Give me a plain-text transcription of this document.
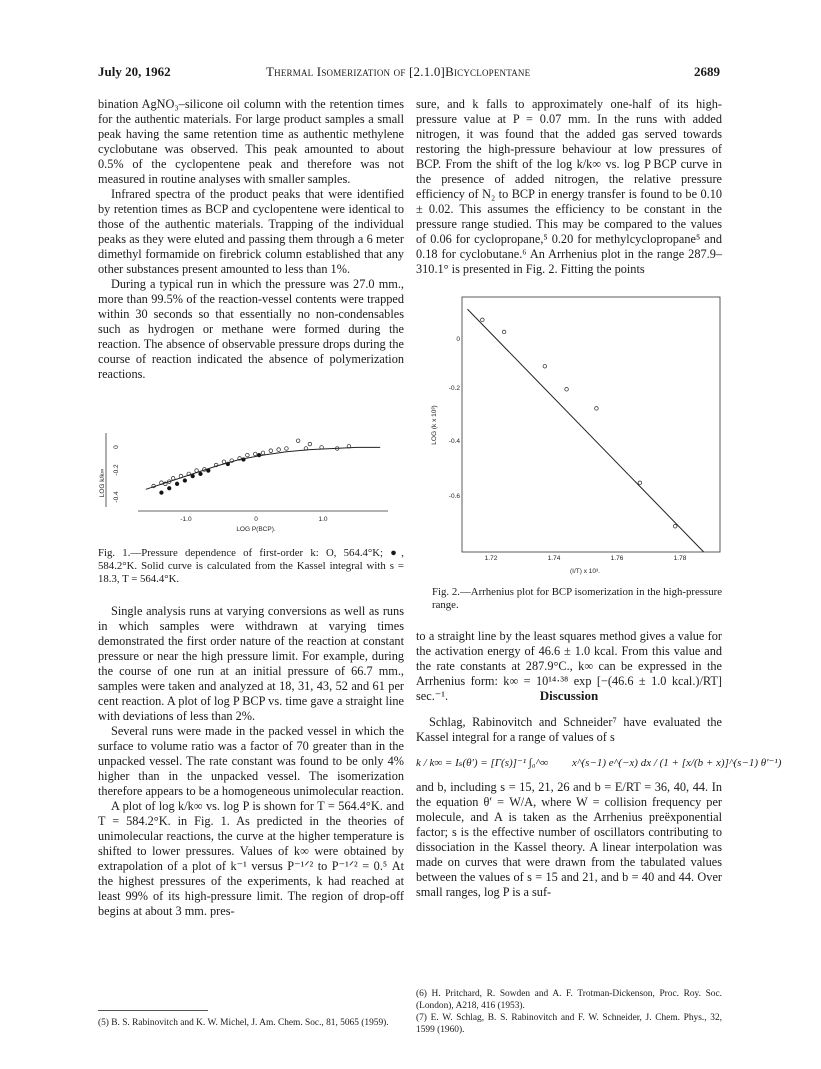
July 20, 1962	Thermal Isomerization of [2.1.0]Bicyclopentane	2689

bination AgNO₃–silicone oil column with the retention times for the authentic materials. For large product samples a small peak having the same retention time as authentic methylene cyclobutane was observed. This peak amounted to about 0.5% of the cyclopentene peak and therefore was not measured in routine analyses with smaller samples.

Infrared spectra of the product peaks that were identified by retention times as BCP and cyclopentene were identical to those of the authentic materials. Trapping of the individual peaks as they were eluted and passing them through a 6 meter dimethyl formamide on firebrick column established that any other substances present amounted to less than 1%.

During a typical run in which the pressure was 27.0 mm., more than 99.5% of the reaction-vessel contents were trapped within 30 seconds so that essentially no non-condensables such as hydrogen or methane were formed during the reaction. The absence of observable pressure drops during the course of reaction indicated the absence of polymerization reactions.

sure, and k falls to approximately one-half of its high-pressure value at P = 0.07 mm. In the runs with added nitrogen, it was found that the added gas served towards restoring the high-pressure behaviour at low pressures of BCP. From the shift of the log k/k∞ vs. log P BCP curve in the presence of added nitrogen, the relative pressure efficiency of N₂ to BCP in energy transfer is found to be 0.10 ± 0.02. This assumes the efficiency to be constant in the pressure range studied. This may be compared to the values of 0.06 for cyclopropane,⁵ 0.20 for methylcyclopropane⁵ and 0.18 for cyclobutane.⁶ An Arrhenius plot in the range 287.9–310.1° is presented in Fig. 2. Fitting the points

LOG k/k∞
0
-0.2
-0.4
-1.0	0	1.0
LOG P(BCP).
Fig. 1.—Pressure dependence of first-order k: O, 564.4°K; ●, 584.2°K. Solid curve is calculated from the Kassel integral with s = 18.3, T = 564.4°K.
LOG (k x 10³)
0
-0.2
-0.4
-0.6
1.72	1.74	1.76	1.78
(I/T) x 10³.
Fig. 2.—Arrhenius plot for BCP isomerization in the high-pressure range.

Single analysis runs at varying conversions as well as runs in which samples were withdrawn at varying times demonstrated the first order nature of the reaction at constant pressure or near the high pressure limit. For example, during the course of one run at an initial pressure of 66.7 mm., samples were taken and analyzed at 18, 31, 43, 52 and 61 per cent reaction. A plot of log P BCP vs. time gave a straight line with deviations of less than 2%.

Several runs were made in the packed vessel in which the surface to volume ratio was a factor of 70 greater than in the unpacked vessel. The rate constant was found to be only 4% higher than in the unpacked vessel. The isomerization therefore appears to be a homogeneous unimolecular reaction.

A plot of log k/k∞ vs. log P is shown for T = 564.4°K. and T = 584.2°K. in Fig. 1. As predicted in the theories of unimolecular reactions, the curve at the higher temperature is shifted to lower pressures. Values of k∞ were obtained by extrapolation of a plot of k⁻¹ versus P⁻¹ᐟ² to P⁻¹ᐟ² = 0.⁵ At the highest pressures of the experiments, k had reached at least 99% of its high-pressure limit. The region of drop-off begins at about 3 mm. pres-

to a straight line by the least squares method gives a value for the activation energy of 46.6 ± 1.0 kcal. From this value and the rate constants at 287.9°C., k∞ can be expressed in the Arrhenius form: k∞ = 10¹⁴·³⁸ exp [−(46.6 ± 1.0 kcal.)/RT] sec.⁻¹.	Discussion

Schlag, Rabinovitch and Schneider⁷ have evaluated the Kassel integral for a range of values of s

k / k∞ = Iₛ(θ′) = [Γ(s)]⁻¹ ∫₀^∞ x^(s−1) e^(−x) dx / (1 + [x/(b + x)]^(s−1) θ′⁻¹)

and b, including s = 15, 21, 26 and b = E/RT = 36, 40, 44. In the equation θ′ = W/A, where W = collision frequency per molecule, and A is taken as the Arrhenius preëxponential factor; s is the effective number of oscillators contributing to dissociation in the Kassel theory. A linear interpolation was made on curves that were drawn from the tabulated values between the values of s = 15 and 21, and b = 40 and 44. Over small ranges, log P is a suf-

(5) B. S. Rabinovitch and K. W. Michel, J. Am. Chem. Soc., 81, 5065 (1959).

(6) H. Pritchard, R. Sowden and A. F. Trotman-Dickenson, Proc. Roy. Soc. (London), A218, 416 (1953).

(7) E. W. Schlag, B. S. Rabinovitch and F. W. Schneider, J. Chem. Phys., 32, 1599 (1960).
